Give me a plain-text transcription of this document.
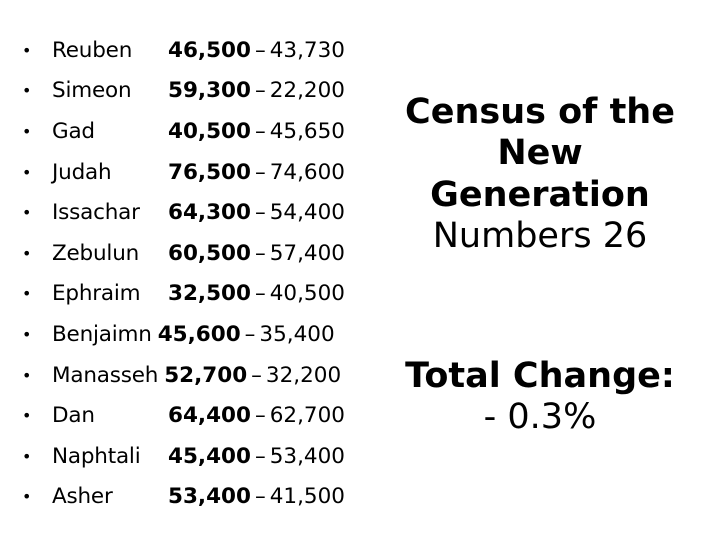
• Reuben	46,500 – 43,730
• Simeon	59,300 – 22,200
• Gad	40,500 – 45,650
• Judah	76,500 – 74,600
• Issachar	64,300 – 54,400
• Zebulun	60,500 – 57,400
• Ephraim	32,500 – 40,500
• Benjaimn 45,600 – 35,400
• Manasseh 52,700 – 32,200
• Dan	64,400 – 62,700
• Naphtali	45,400 – 53,400
• Asher	53,400 – 41,500
Census of the
New
Generation
Numbers 26
Total Change:
- 0.3%
